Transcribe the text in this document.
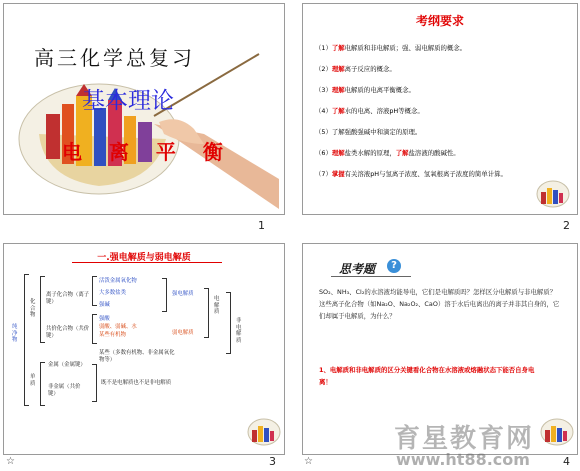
高三化学总复习
基本理论
电 离 平 衡
1
考纲要求
（1）了解电解质和非电解质；强、弱电解质的概念。
（2）理解离子反应的概念。
（3）理解电解质的电离平衡概念。
（4）了解水的电离、溶液pH等概念。
（5）了解强酸强碱中和滴定的原理。
（6）理解盐类水解的原理，了解盐溶液的酸碱性。
（7）掌握有关溶液pH与氢离子浓度、氢氧根离子浓度的简单计算。
2
一.强电解质与弱电解质
纯净物
化合物
离子化合物（离子键）
共价化合物（共价键）
活泼金属氧化物
大多数盐类
强碱
强酸
弱酸、弱碱、水
某些有机物
某些（多数有机物、非金属氧化物等）
强电解质
弱电解质
电解质
非电解质
单质
金属（金属键）
非金属（共价键）
既不是电解质也不是非电解质
3
思考题	?
SO₂、NH₃、Cl₂的水溶液均能导电，它们是电解质吗？怎样区分电解质与非电解质？这些离子化合物（如Na₂O、Na₂O₂、CaO）溶于水后电离出的离子并非其自身的，它们却属于电解质，为什么？
1、电解质和非电解质的区分关键看化合物在水溶液或熔融状态下能否自身电离！
4
☆	☆
育星教育网
www.ht88.com
